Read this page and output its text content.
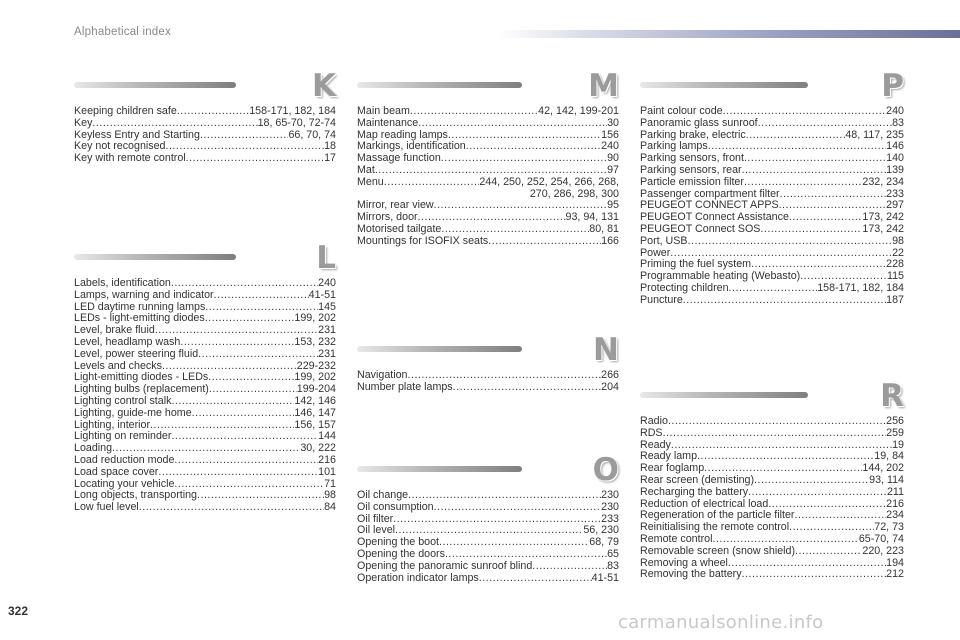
Alphabetical index
K
Keeping children safe .....	158-171, 182, 184
Key .....	18, 65-70, 72-74
Keyless Entry and Starting .....	66, 70, 74
Key not recognised .....	18
Key with remote control .....	17
L
Labels, identification .....	240
Lamps, warning and indicator .....	41-51
LED daytime running lamps .....	145
LEDs - light-emitting diodes .....	199, 202
Level, brake fluid .....	231
Level, headlamp wash .....	153, 232
Level, power steering fluid .....	231
Levels and checks .....	229-232
Light-emitting diodes - LEDs .....	199, 202
Lighting bulbs (replacement) .....	199-204
Lighting control stalk .....	142, 146
Lighting, guide-me home .....	146, 147
Lighting, interior .....	156, 157
Lighting on reminder .....	144
Loading .....	30, 222
Load reduction mode .....	216
Load space cover .....	101
Locating your vehicle .....	71
Long objects, transporting .....	98
Low fuel level .....	84
M
Main beam .....	42, 142, 199-201
Maintenance .....	30
Map reading lamps .....	156
Markings, identification .....	240
Massage function .....	90
Mat .....	97
Menu .....	244, 250, 252, 254, 266, 268,
270, 286, 298, 300
Mirror, rear view .....	95
Mirrors, door .....	93, 94, 131
Motorised tailgate .....	80, 81
Mountings for ISOFIX seats .....	166
N
Navigation .....	266
Number plate lamps .....	204
O
Oil change .....	230
Oil consumption .....	230
Oil filter .....	233
Oil level .....	56, 230
Opening the boot .....	68, 79
Opening the doors .....	65
Opening the panoramic sunroof blind .....	83
Operation indicator lamps .....	41-51
P
Paint colour code .....	240
Panoramic glass sunroof .....	83
Parking brake, electric .....	48, 117, 235
Parking lamps .....	146
Parking sensors, front .....	140
Parking sensors, rear .....	139
Particle emission filter .....	232, 234
Passenger compartment filter .....	233
PEUGEOT CONNECT APPS .....	297
PEUGEOT Connect Assistance .....	173, 242
PEUGEOT Connect SOS .....	173, 242
Port, USB .....	98
Power .....	22
Priming the fuel system .....	228
Programmable heating (Webasto) .....	115
Protecting children .....	158-171, 182, 184
Puncture .....	187
R
Radio .....	256
RDS .....	259
Ready .....	19
Ready lamp .....	19, 84
Rear foglamp .....	144, 202
Rear screen (demisting) .....	93, 114
Recharging the battery .....	211
Reduction of electrical load .....	216
Regeneration of the particle filter .....	234
Reinitialising the remote control .....	72, 73
Remote control .....	65-70, 74
Removable screen (snow shield) .....	220, 223
Removing a wheel .....	194
Removing the battery .....	212
322
carmanualsonline.info
